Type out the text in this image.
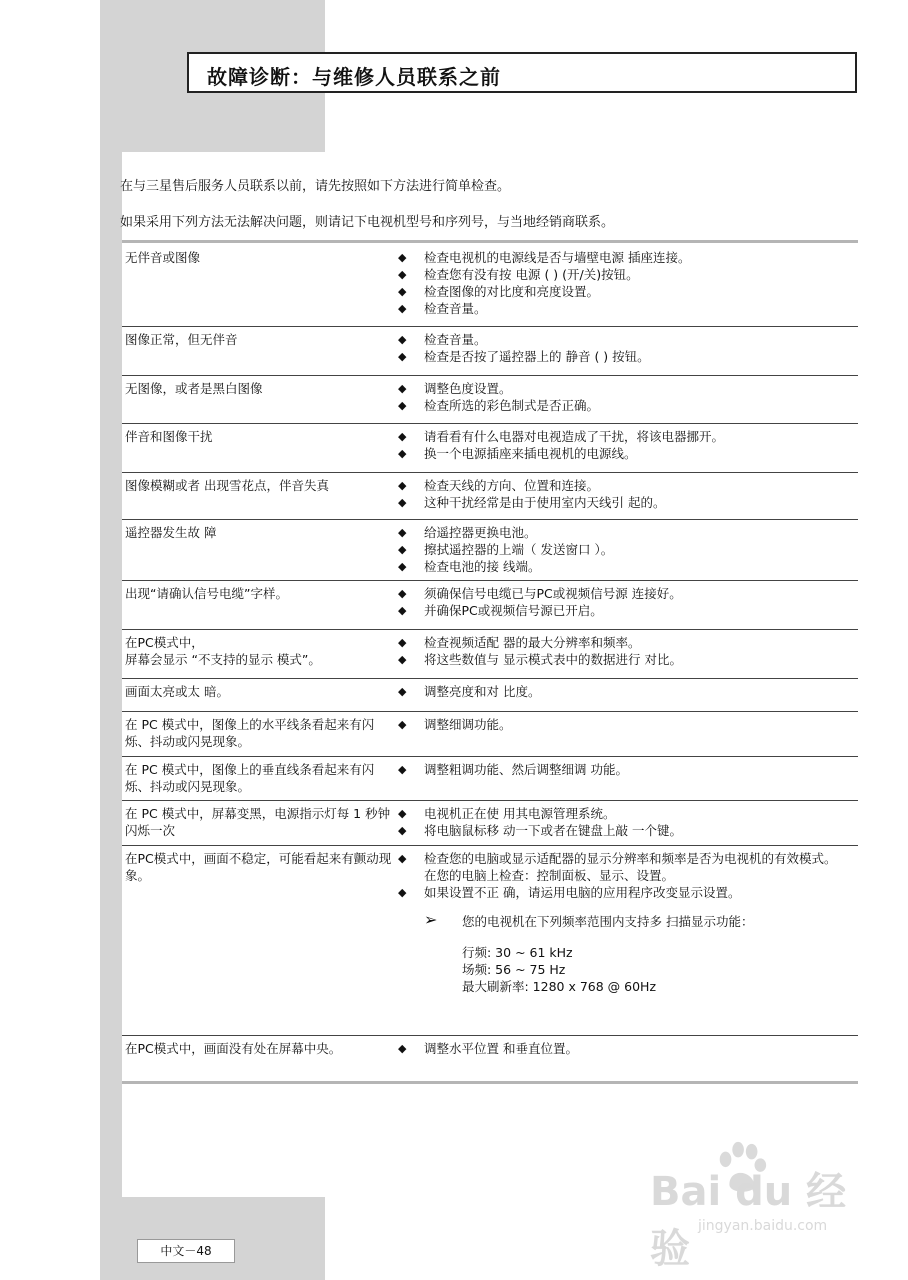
故障诊断：与维修人员联系之前
在与三星售后服务人员联系以前，请先按照如下方法进行简单检查。
如果采用下列方法无法解决问题，则请记下电视机型号和序列号，与当地经销商联系。
无伴音或图像	◆ 检查电视机的电源线是否与墙壁电源 插座连接。
◆ 检查您有没有按 电源 ( ) (开/关)按钮。
◆ 检查图像的对比度和亮度设置。
◆ 检查音量。
图像正常，但无伴音	◆ 检查音量。
◆ 检查是否按了遥控器上的 静音 ( ) 按钮。
无图像，或者是黑白图像	◆ 调整色度设置。
◆ 检查所选的彩色制式是否正确。
伴音和图像干扰	◆ 请看看有什么电器对电视造成了干扰，将该电器挪开。
◆ 换一个电源插座来插电视机的电源线。
图像模糊或者 出现雪花点，伴音失真	◆ 检查天线的方向、位置和连接。
◆ 这种干扰经常是由于使用室内天线引 起的。
遥控器发生故 障	◆ 给遥控器更换电池。
◆ 擦拭遥控器的上端（ 发送窗口 ）。
◆ 检查电池的接 线端。
出现“请确认信号电缆”字样。	◆ 须确保信号电缆已与PC或视频信号源 连接好。
◆ 并确保PC或视频信号源已开启。
在PC模式中，
屏幕会显示 “不支持的显示 模式”。
◆ 检查视频适配 器的最大分辨率和频率。
◆ 将这些数值与 显示模式表中的数据进行 对比。
画面太亮或太 暗。	◆ 调整亮度和对 比度。
在 PC 模式中，图像上的水平线条看起来有闪烁、抖动或闪晃现象。
◆ 调整细调功能。
在 PC 模式中，图像上的垂直线条看起来有闪烁、抖动或闪晃现象。
◆ 调整粗调功能、然后调整细调 功能。
在 PC 模式中，屏幕变黑，电源指示灯每 1 秒钟闪烁一次
◆ 电视机正在使 用其电源管理系统。
◆ 将电脑鼠标移 动一下或者在键盘上敲 一个键。
在PC模式中，画面不稳定，可能看起来有颤动现象。
◆ 检查您的电脑或显示适配器的显示分辨率和频率是否为电视机的有效模式。
在您的电脑上检查：控制面板、显示、设置。
◆ 如果设置不正 确，请运用电脑的应用程序改变显示设置。
➢ 您的电视机在下列频率范围内支持多 扫描显示功能：
行频: 30 ~ 61 kHz
场频: 56 ~ 75 Hz
最大刷新率: 1280 x 768 @ 60Hz
在PC模式中，画面没有处在屏幕中央。	◆ 调整水平位置 和垂直位置。
中文－48
Bai du 经验 jingyan.baidu.com
